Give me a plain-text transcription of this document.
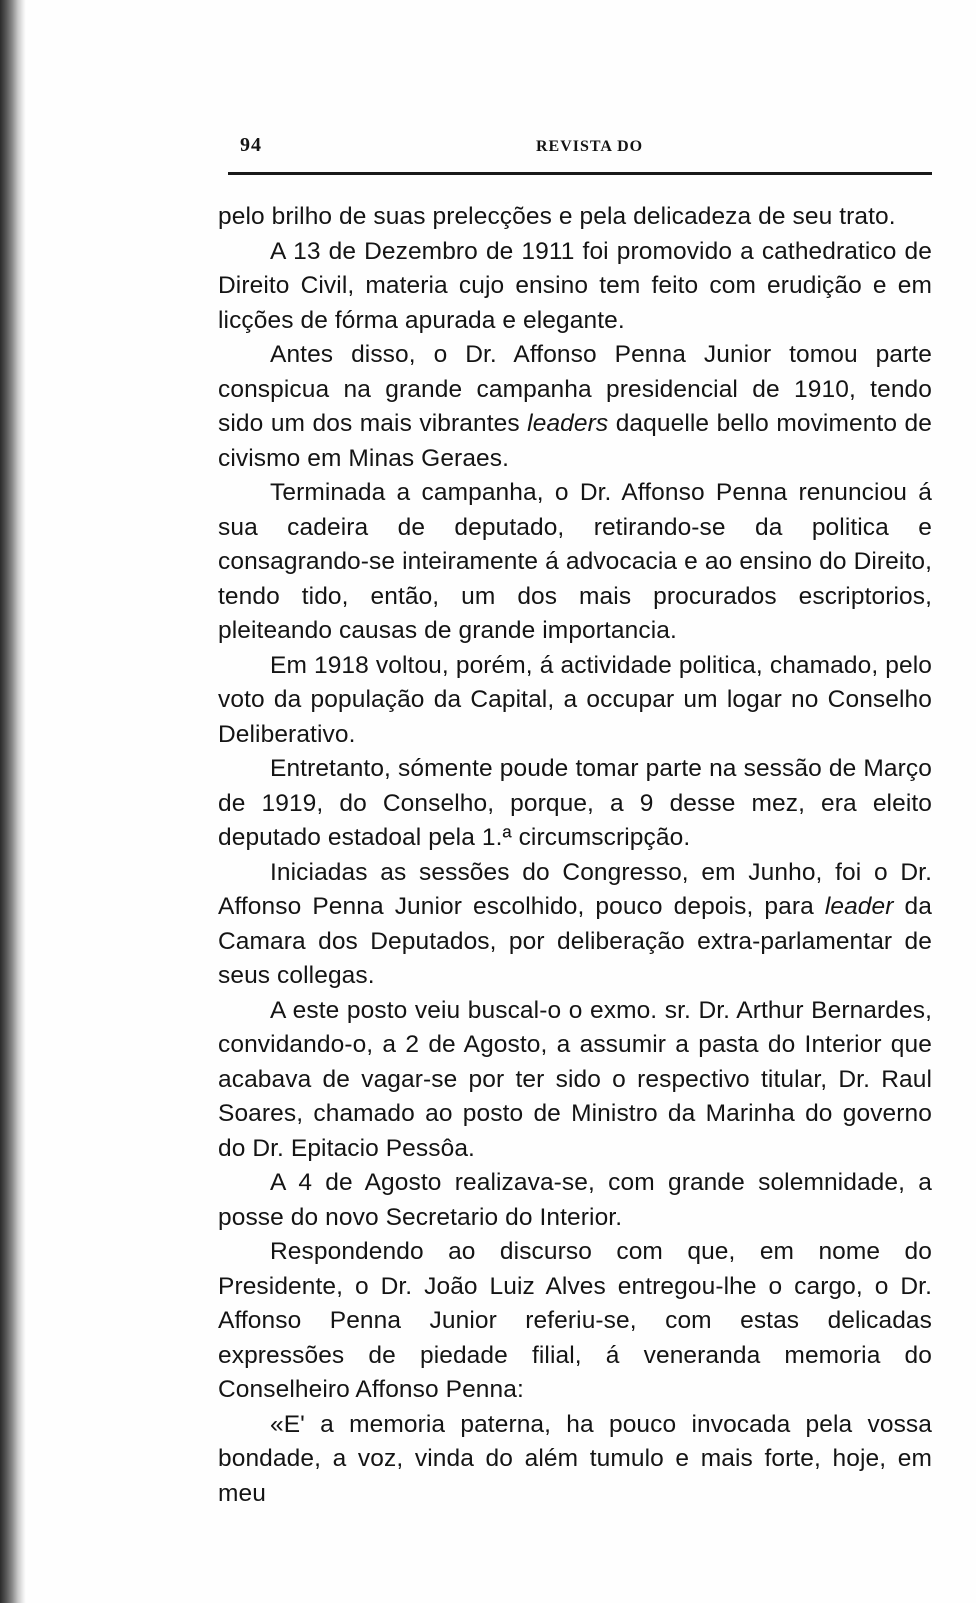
94	REVISTA DO

pelo brilho de suas prelecções e pela delicadeza de seu trato.

A 13 de Dezembro de 1911 foi promovido a cathedratico de Direito Civil, materia cujo ensino tem feito com erudição e em licções de fórma apurada e elegante.

Antes disso, o Dr. Affonso Penna Junior tomou parte conspicua na grande campanha presidencial de 1910, tendo sido um dos mais vibrantes leaders daquelle bello movimento de civismo em Minas Geraes.

Terminada a campanha, o Dr. Affonso Penna renunciou á sua cadeira de deputado, retirando-se da politica e consagrando-se inteiramente á advocacia e ao ensino do Direito, tendo tido, então, um dos mais procurados escriptorios, pleiteando causas de grande importancia.

Em 1918 voltou, porém, á actividade politica, chamado, pelo voto da população da Capital, a occupar um logar no Conselho Deliberativo.

Entretanto, sómente poude tomar parte na sessão de Março de 1919, do Conselho, porque, a 9 desse mez, era eleito deputado estadoal pela 1.ª circumscripção.

Iniciadas as sessões do Congresso, em Junho, foi o Dr. Affonso Penna Junior escolhido, pouco depois, para leader da Camara dos Deputados, por deliberação extra-parlamentar de seus collegas.

A este posto veiu buscal-o o exmo. sr. Dr. Arthur Bernardes, convidando-o, a 2 de Agosto, a assumir a pasta do Interior que acabava de vagar-se por ter sido o respectivo titular, Dr. Raul Soares, chamado ao posto de Ministro da Marinha do governo do Dr. Epitacio Pessôa.

A 4 de Agosto realizava-se, com grande solemnidade, a posse do novo Secretario do Interior.

Respondendo ao discurso com que, em nome do Presidente, o Dr. João Luiz Alves entregou-lhe o cargo, o Dr. Affonso Penna Junior referiu-se, com estas delicadas expressões de piedade filial, á veneranda memoria do Conselheiro Affonso Penna:

«E' a memoria paterna, ha pouco invocada pela vossa bondade, a voz, vinda do além tumulo e mais forte, hoje, em meu
